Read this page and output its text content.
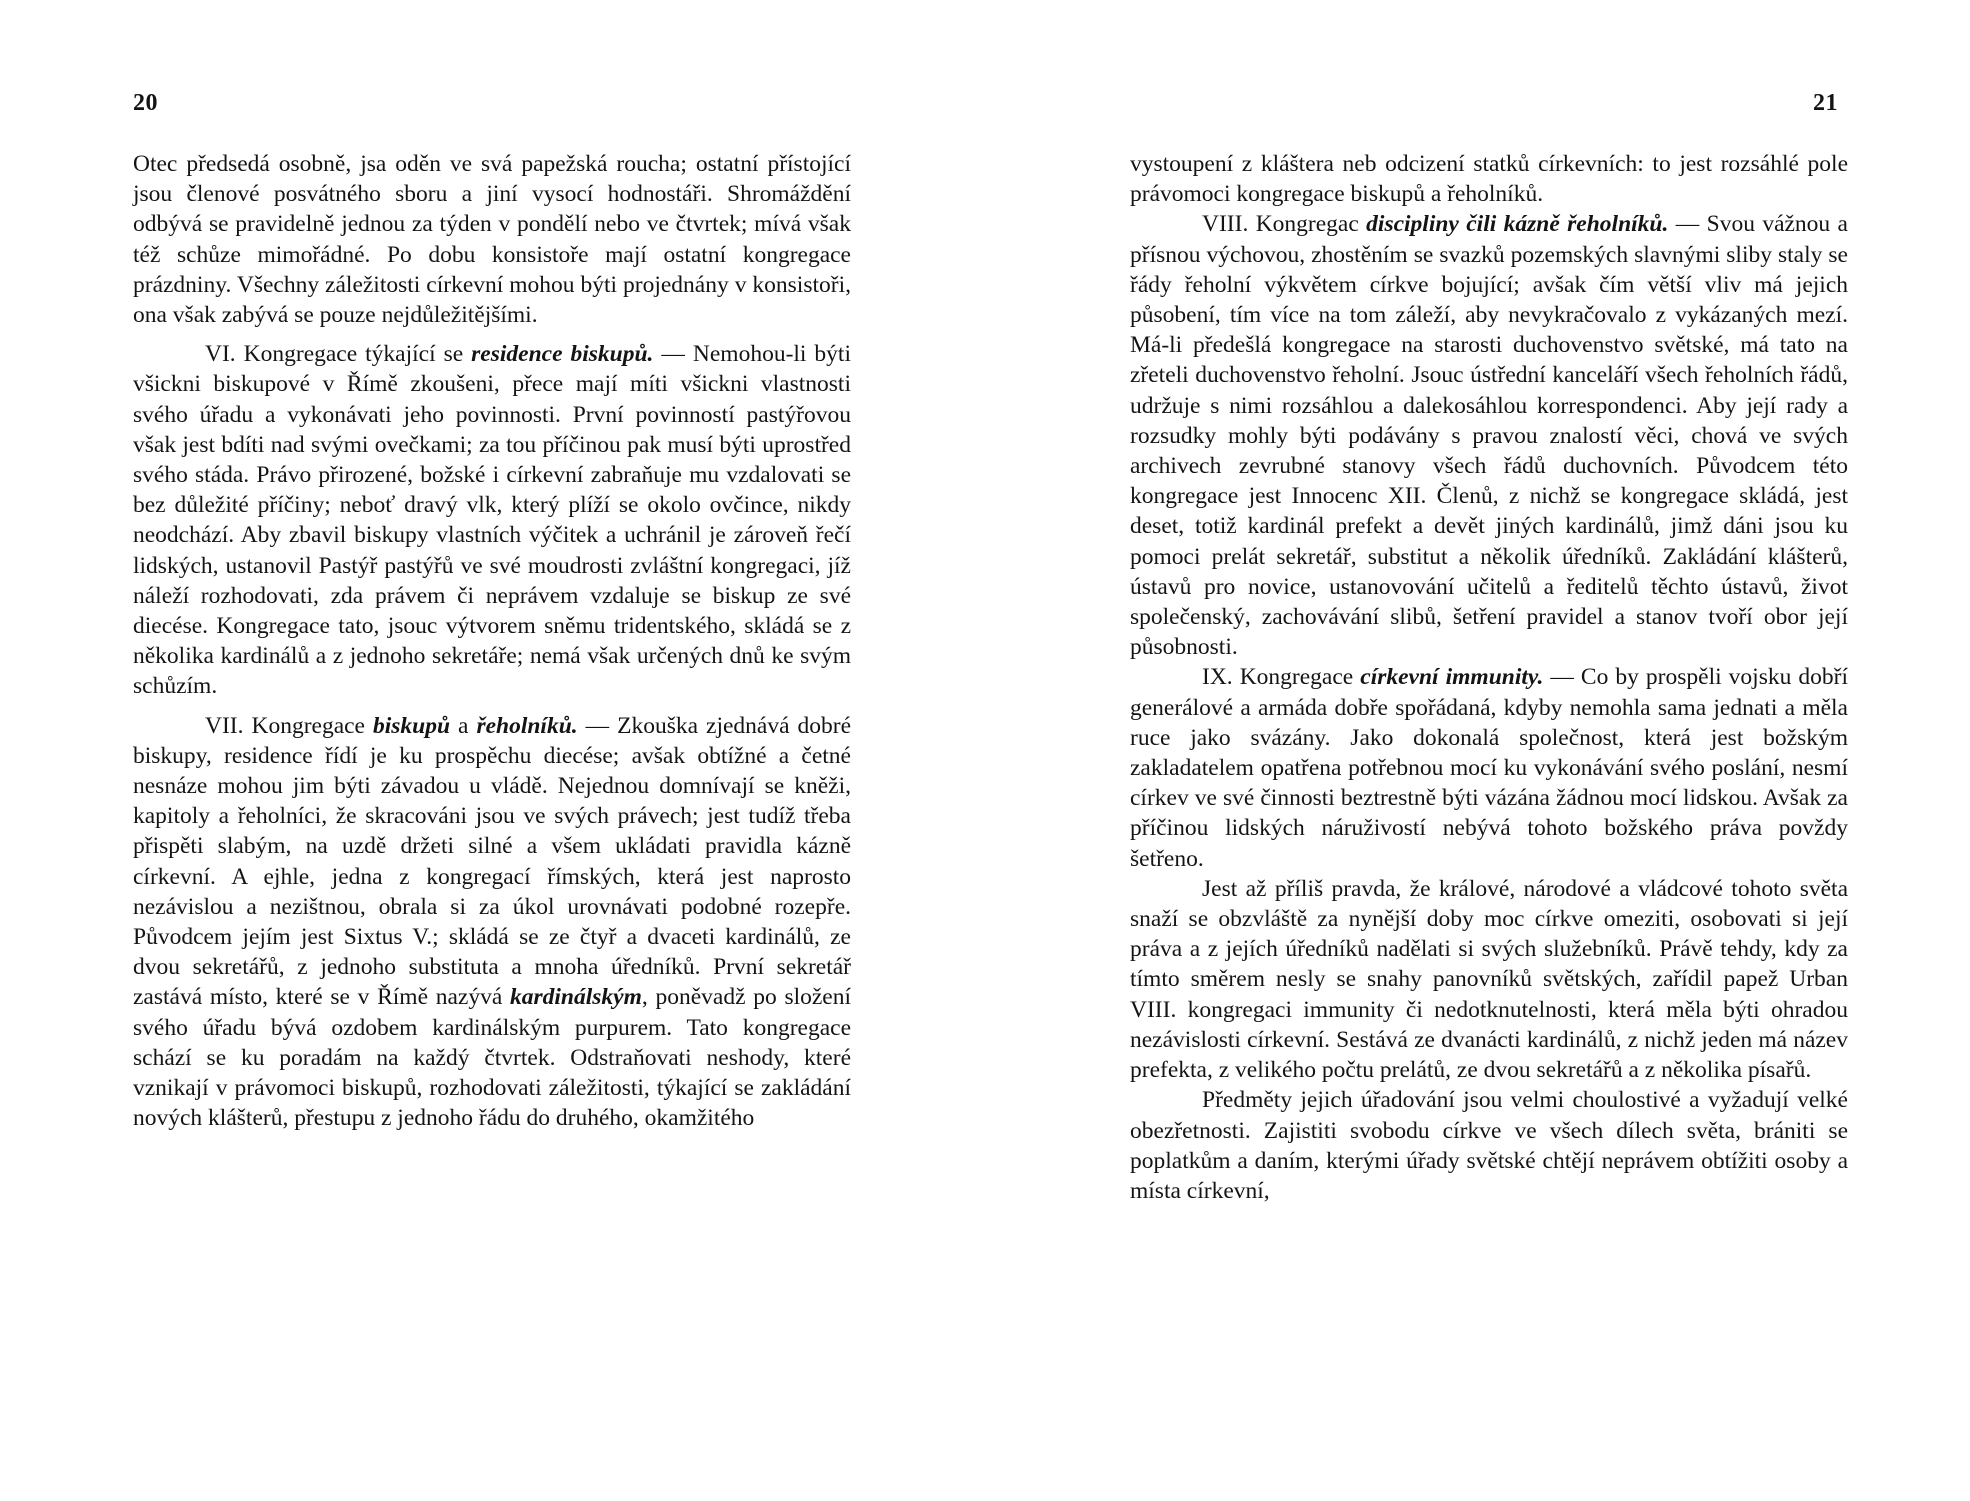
20

Otec předsedá osobně, jsa oděn ve svá papežská roucha; ostatní přístojící jsou členové posvátného sboru a jiní vysocí hodnostáři. Shromáždění odbývá se pravidelně jednou za týden v pondělí nebo ve čtvrtek; mívá však též schůze mimořádné. Po dobu konsistoře mají ostatní kongregace prázdniny. Všechny záležitosti církevní mohou býti projednány v konsistoři, ona však zabývá se pouze nejdůležitějšími.

VI. Kongregace týkající se residence biskupů. — Nemohou-li býti všickni biskupové v Římě zkoušeni, přece mají míti všickni vlastnosti svého úřadu a vykonávati jeho povinnosti. První povinností pastýřovou však jest bdíti nad svými ovečkami; za tou příčinou pak musí býti uprostřed svého stáda. Právo přirozené, božské i církevní zabraňuje mu vzdalovati se bez důležité příčiny; neboť dravý vlk, který plíží se okolo ovčince, nikdy neodchází. Aby zbavil biskupy vlastních výčitek a uchránil je zároveň řečí lidských, ustanovil Pastýř pastýřů ve své moudrosti zvláštní kongregaci, jíž náleží rozhodovati, zda právem či neprávem vzdaluje se biskup ze své diecése. Kongregace tato, jsouc výtvorem sněmu tridentského, skládá se z několika kardinálů a z jednoho sekretáře; nemá však určených dnů ke svým schůzím.

VII. Kongregace biskupů a řeholníků. — Zkouška zjednává dobré biskupy, residence řídí je ku prospěchu diecése; avšak obtížné a četné nesnáze mohou jim býti závadou u vládě. Nejednou domnívají se kněži, kapitoly a řeholníci, že skracováni jsou ve svých právech; jest tudíž třeba přispěti slabým, na uzdě držeti silné a všem ukládati pravidla kázně církevní. A ejhle, jedna z kongregací římských, která jest naprosto nezávislou a nezištnou, obrala si za úkol urovnávati podobné rozepře. Původcem jejím jest Sixtus V.; skládá se ze čtyř a dvaceti kardinálů, ze dvou sekretářů, z jednoho substituta a mnoha úředníků. První sekretář zastává místo, které se v Římě nazývá kardinálským, poněvadž po složení svého úřadu bývá ozdobem kardinálským purpurem. Tato kongregace schází se ku poradám na každý čtvrtek. Odstraňovati neshody, které vznikají v právomoci biskupů, rozhodovati záležitosti, týkající se zakládání nových klášterů, přestupu z jednoho řádu do druhého, okamžitého

21

vystoupení z kláštera neb odcizení statků církevních: to jest rozsáhlé pole právomoci kongregace biskupů a řeholníků.

VIII. Kongregac discipliny čili kázně řeholníků. — Svou vážnou a přísnou výchovou, zhostěním se svazků pozemských slavnými sliby staly se řády řeholní výkvětem církve bojující; avšak čím větší vliv má jejich působení, tím více na tom záleží, aby nevykračovalo z vykázaných mezí. Má-li předešlá kongregace na starosti duchovenstvo světské, má tato na zřeteli duchovenstvo řeholní. Jsouc ústřední kanceláří všech řeholních řádů, udržuje s nimi rozsáhlou a dalekosáhlou korrespondenci. Aby její rady a rozsudky mohly býti podávány s pravou znalostí věci, chová ve svých archivech zevrubné stanovy všech řádů duchovních. Původcem této kongregace jest Innocenc XII. Členů, z nichž se kongregace skládá, jest deset, totiž kardinál prefekt a devět jiných kardinálů, jimž dáni jsou ku pomoci prelát sekretář, substitut a několik úředníků. Zakládání klášterů, ústavů pro novice, ustanovování učitelů a ředitelů těchto ústavů, život společenský, zachovávání slibů, šetření pravidel a stanov tvoří obor její působnosti.

IX. Kongregace církevní immunity. — Co by prospěli vojsku dobří generálové a armáda dobře spořádaná, kdyby nemohla sama jednati a měla ruce jako svázány. Jako dokonalá společnost, která jest božským zakladatelem opatřena potřebnou mocí ku vykonávání svého poslání, nesmí církev ve své činnosti beztrestně býti vázána žádnou mocí lidskou. Avšak za příčinou lidských náruživostí nebývá tohoto božského práva povždy šetřeno.

Jest až příliš pravda, že králové, národové a vládcové tohoto světa snaží se obzvláště za nynější doby moc církve omeziti, osobovati si její práva a z jejích úředníků nadělati si svých služebníků. Právě tehdy, kdy za tímto směrem nesly se snahy panovníků světských, zařídil papež Urban VIII. kongregaci immunity či nedotknutelnosti, která měla býti ohradou nezávislosti církevní. Sestává ze dvanácti kardinálů, z nichž jeden má název prefekta, z velikého počtu prelátů, ze dvou sekretářů a z několika písařů.

Předměty jejich úřadování jsou velmi choulostivé a vyžadují velké obezřetnosti. Zajistiti svobodu církve ve všech dílech světa, brániti se poplatkům a daním, kterými úřady světské chtějí neprávem obtížiti osoby a místa církevní,
